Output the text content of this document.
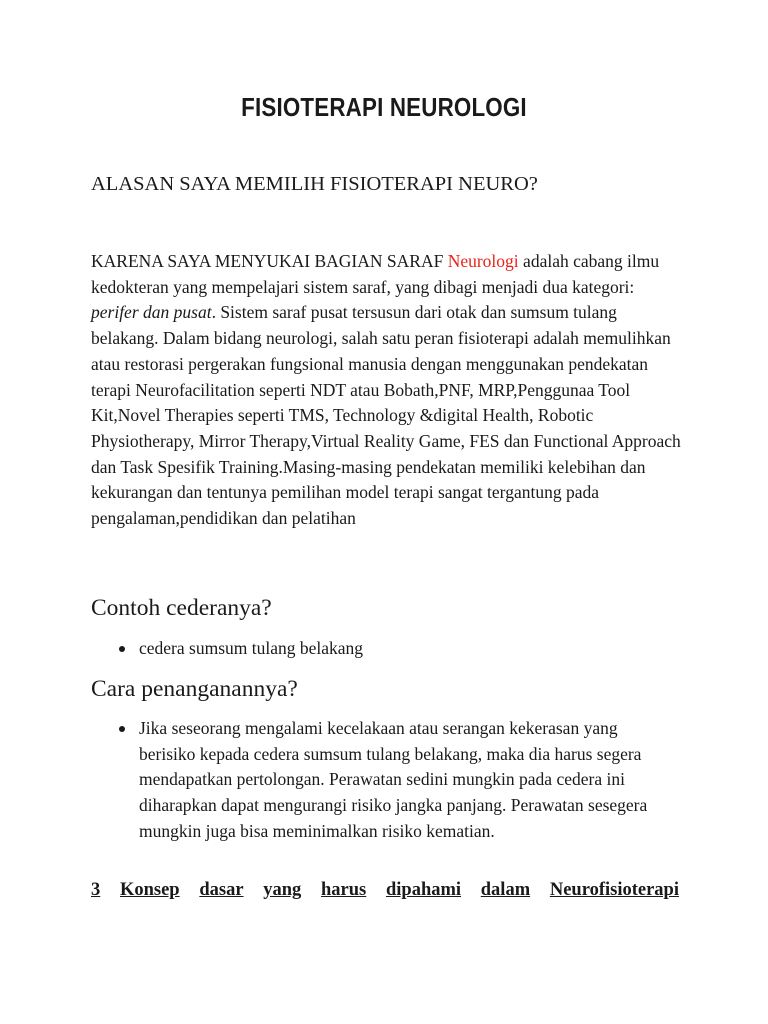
FISIOTERAPI NEUROLOGI
ALASAN SAYA MEMILIH FISIOTERAPI NEURO?
KARENA SAYA MENYUKAI BAGIAN SARAF Neurologi adalah cabang ilmu kedokteran yang mempelajari sistem saraf, yang dibagi menjadi dua kategori: perifer dan pusat. Sistem saraf pusat tersusun dari otak dan sumsum tulang belakang. Dalam bidang neurologi, salah satu peran fisioterapi adalah memulihkan atau restorasi pergerakan fungsional manusia dengan menggunakan pendekatan terapi Neurofacilitation seperti NDT atau Bobath,PNF, MRP,Penggunaa Tool Kit,Novel Therapies seperti TMS, Technology &digital Health, Robotic Physiotherapy, Mirror Therapy,Virtual Reality Game, FES dan Functional Approach dan Task Spesifik Training.Masing-masing pendekatan memiliki kelebihan dan kekurangan dan tentunya pemilihan model terapi sangat tergantung pada pengalaman,pendidikan dan pelatihan
Contoh cederanya?
cedera sumsum tulang belakang
Cara penanganannya?
Jika seseorang mengalami kecelakaan atau serangan kekerasan yang berisiko kepada cedera sumsum tulang belakang, maka dia harus segera mendapatkan pertolongan. Perawatan sedini mungkin pada cedera ini diharapkan dapat mengurangi risiko jangka panjang. Perawatan sesegera mungkin juga bisa meminimalkan risiko kematian.
3 Konsep dasar yang harus dipahami dalam Neurofisioterapi
